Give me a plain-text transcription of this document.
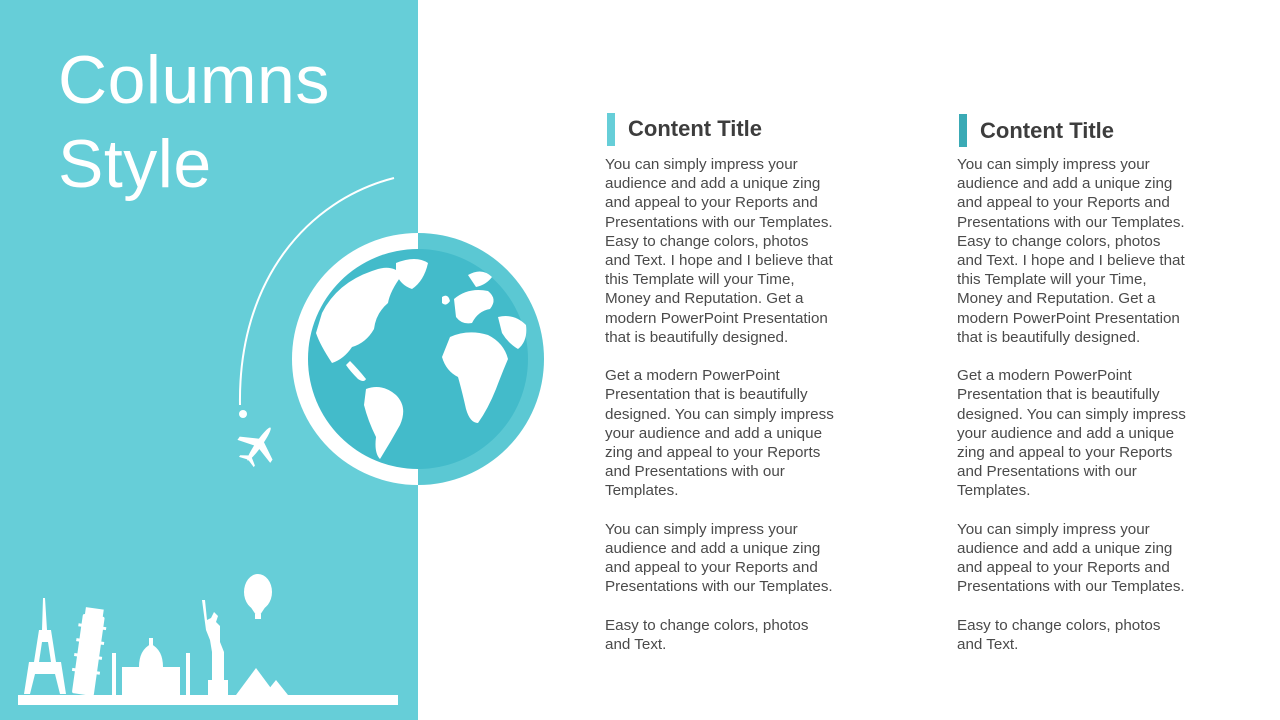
Columns
Style	Content Title

You can simply impress your
audience and add a unique zing
and appeal to your Reports and
Presentations with our Templates.
Easy to change colors, photos
and Text. I hope and I believe that
this Template will your Time,
Money and Reputation. Get a
modern PowerPoint Presentation
that is beautifully designed.

Get a modern PowerPoint
Presentation that is beautifully
designed. You can simply impress
your audience and add a unique
zing and appeal to your Reports
and Presentations with our
Templates.

You can simply impress your
audience and add a unique zing
and appeal to your Reports and
Presentations with our Templates.

Easy to change colors, photos
and Text.

Content Title

You can simply impress your
audience and add a unique zing
and appeal to your Reports and
Presentations with our Templates.
Easy to change colors, photos
and Text. I hope and I believe that
this Template will your Time,
Money and Reputation. Get a
modern PowerPoint Presentation
that is beautifully designed.

Get a modern PowerPoint
Presentation that is beautifully
designed. You can simply impress
your audience and add a unique
zing and appeal to your Reports
and Presentations with our
Templates.

You can simply impress your
audience and add a unique zing
and appeal to your Reports and
Presentations with our Templates.

Easy to change colors, photos
and Text.
